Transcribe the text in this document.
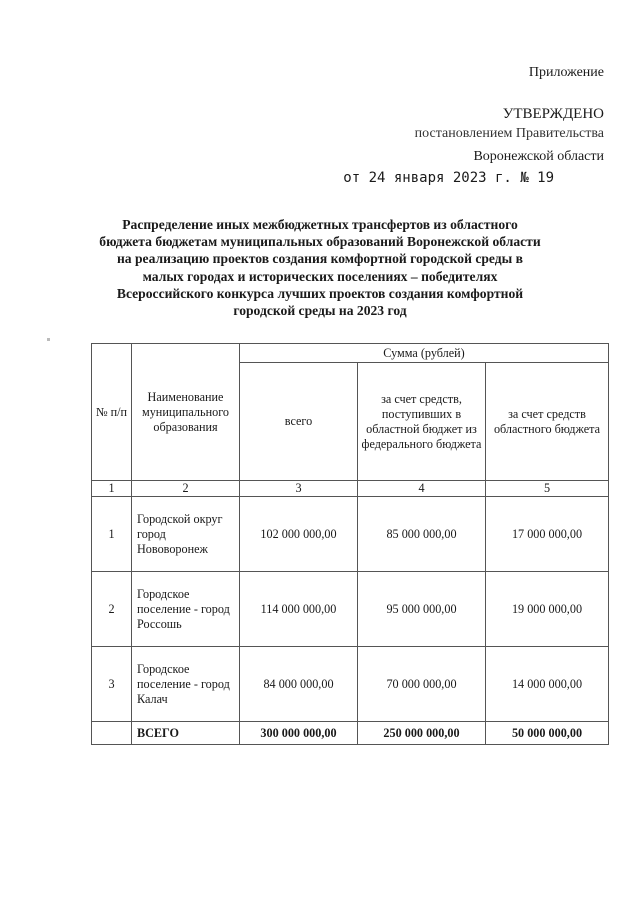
Приложение
УТВЕРЖДЕНО
постановлением Правительства
Воронежской области
от 24 января 2023 г. № 19
Распределение иных межбюджетных трансфертов из областного
бюджета бюджетам муниципальных образований Воронежской области
на реализацию проектов создания комфортной городской среды в
малых городах и исторических поселениях – победителях
Всероссийского конкурса лучших проектов создания комфортной
городской среды на 2023 год
№ п/п	Наименование муниципального образования	Сумма (рублей)		
		всего	за счет средств, поступивших в областной бюджет из федерального бюджета	за счет средств областного бюджета
1	2	3	4	5
1	Городской округ город Нововоронеж	102 000 000,00	85 000 000,00	17 000 000,00
2	Городское поселение - город Россошь	114 000 000,00	95 000 000,00	19 000 000,00
3	Городское поселение - город Калач	84 000 000,00	70 000 000,00	14 000 000,00
	ВСЕГО	300 000 000,00	250 000 000,00	50 000 000,00
